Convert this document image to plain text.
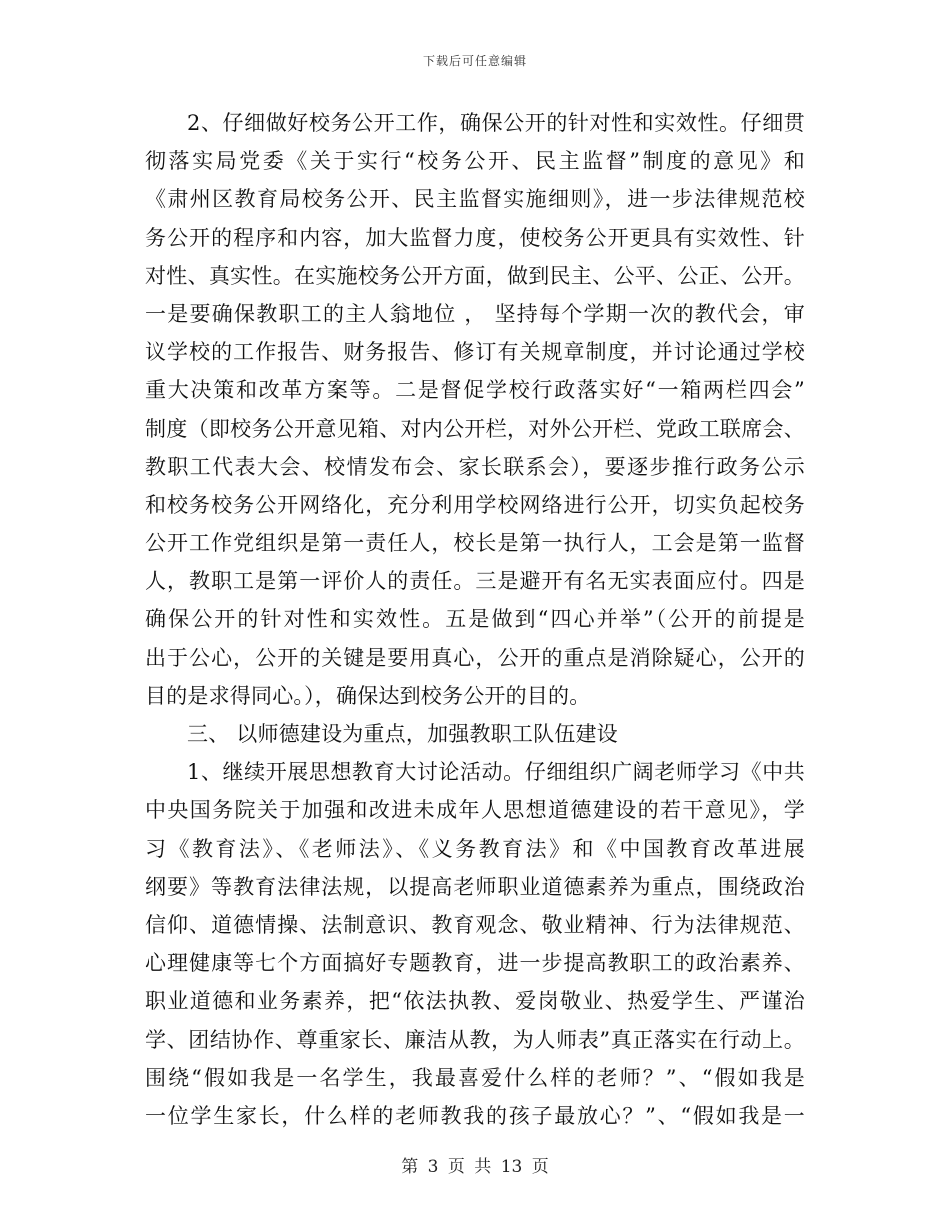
下载后可任意编辑
2、仔细做好校务公开工作，确保公开的针对性和实效性。仔细贯
彻落实局党委《关于实行“校务公开、民主监督”制度的意见》和
《肃州区教育局校务公开、民主监督实施细则》，进一步法律规范校
务公开的程序和内容，加大监督力度，使校务公开更具有实效性、针
对性、真实性。在实施校务公开方面，做到民主、公平、公正、公开。
一是要确保教职工的主人翁地位 ， 坚持每个学期一次的教代会，审
议学校的工作报告、财务报告、修订有关规章制度，并讨论通过学校
重大决策和改革方案等。二是督促学校行政落实好“一箱两栏四会”
制度（即校务公开意见箱、对内公开栏，对外公开栏、党政工联席会、
教职工代表大会、校情发布会、家长联系会），要逐步推行政务公示
和校务校务公开网络化，充分利用学校网络进行公开，切实负起校务
公开工作党组织是第一责任人，校长是第一执行人，工会是第一监督
人，教职工是第一评价人的责任。三是避开有名无实表面应付。四是
确保公开的针对性和实效性。五是做到“四心并举”（公开的前提是
出于公心，公开的关键是要用真心，公开的重点是消除疑心，公开的
目的是求得同心。），确保达到校务公开的目的。
三、 以师德建设为重点，加强教职工队伍建设
1、继续开展思想教育大讨论活动。仔细组织广阔老师学习《中共
中央国务院关于加强和改进未成年人思想道德建设的若干意见》，学
习《教育法》、《老师法》、《义务教育法》和《中国教育改革进展
纲要》等教育法律法规，以提高老师职业道德素养为重点，围绕政治
信仰、道德情操、法制意识、教育观念、敬业精神、行为法律规范、
心理健康等七个方面搞好专题教育，进一步提高教职工的政治素养、
职业道德和业务素养，把“依法执教、爱岗敬业、热爱学生、严谨治
学、团结协作、尊重家长、廉洁从教，为人师表”真正落实在行动上。
围绕“假如我是一名学生，我最喜爱什么样的老师？”、“假如我是
一位学生家长，什么样的老师教我的孩子最放心？”、“假如我是一
第 3 页 共 13 页
